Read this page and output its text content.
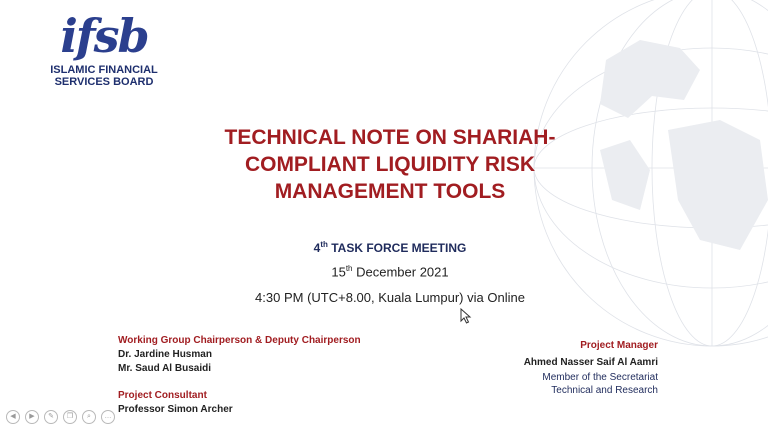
ifsb
ISLAMIC FINANCIAL
SERVICES BOARD
TECHNICAL NOTE ON SHARIAH-
COMPLIANT LIQUIDITY RISK
MANAGEMENT TOOLS
4th TASK FORCE MEETING
15th December 2021
4:30 PM (UTC+8.00, Kuala Lumpur) via Online
Working Group Chairperson & Deputy Chairperson
Dr. Jardine Husman
Mr. Saud Al Busaidi
Project Consultant
Professor Simon Archer
Project Manager
Ahmed Nasser Saif Al Aamri
Member of the Secretariat
Technical and Research
◀	▶	✎	❐	⌕	…
